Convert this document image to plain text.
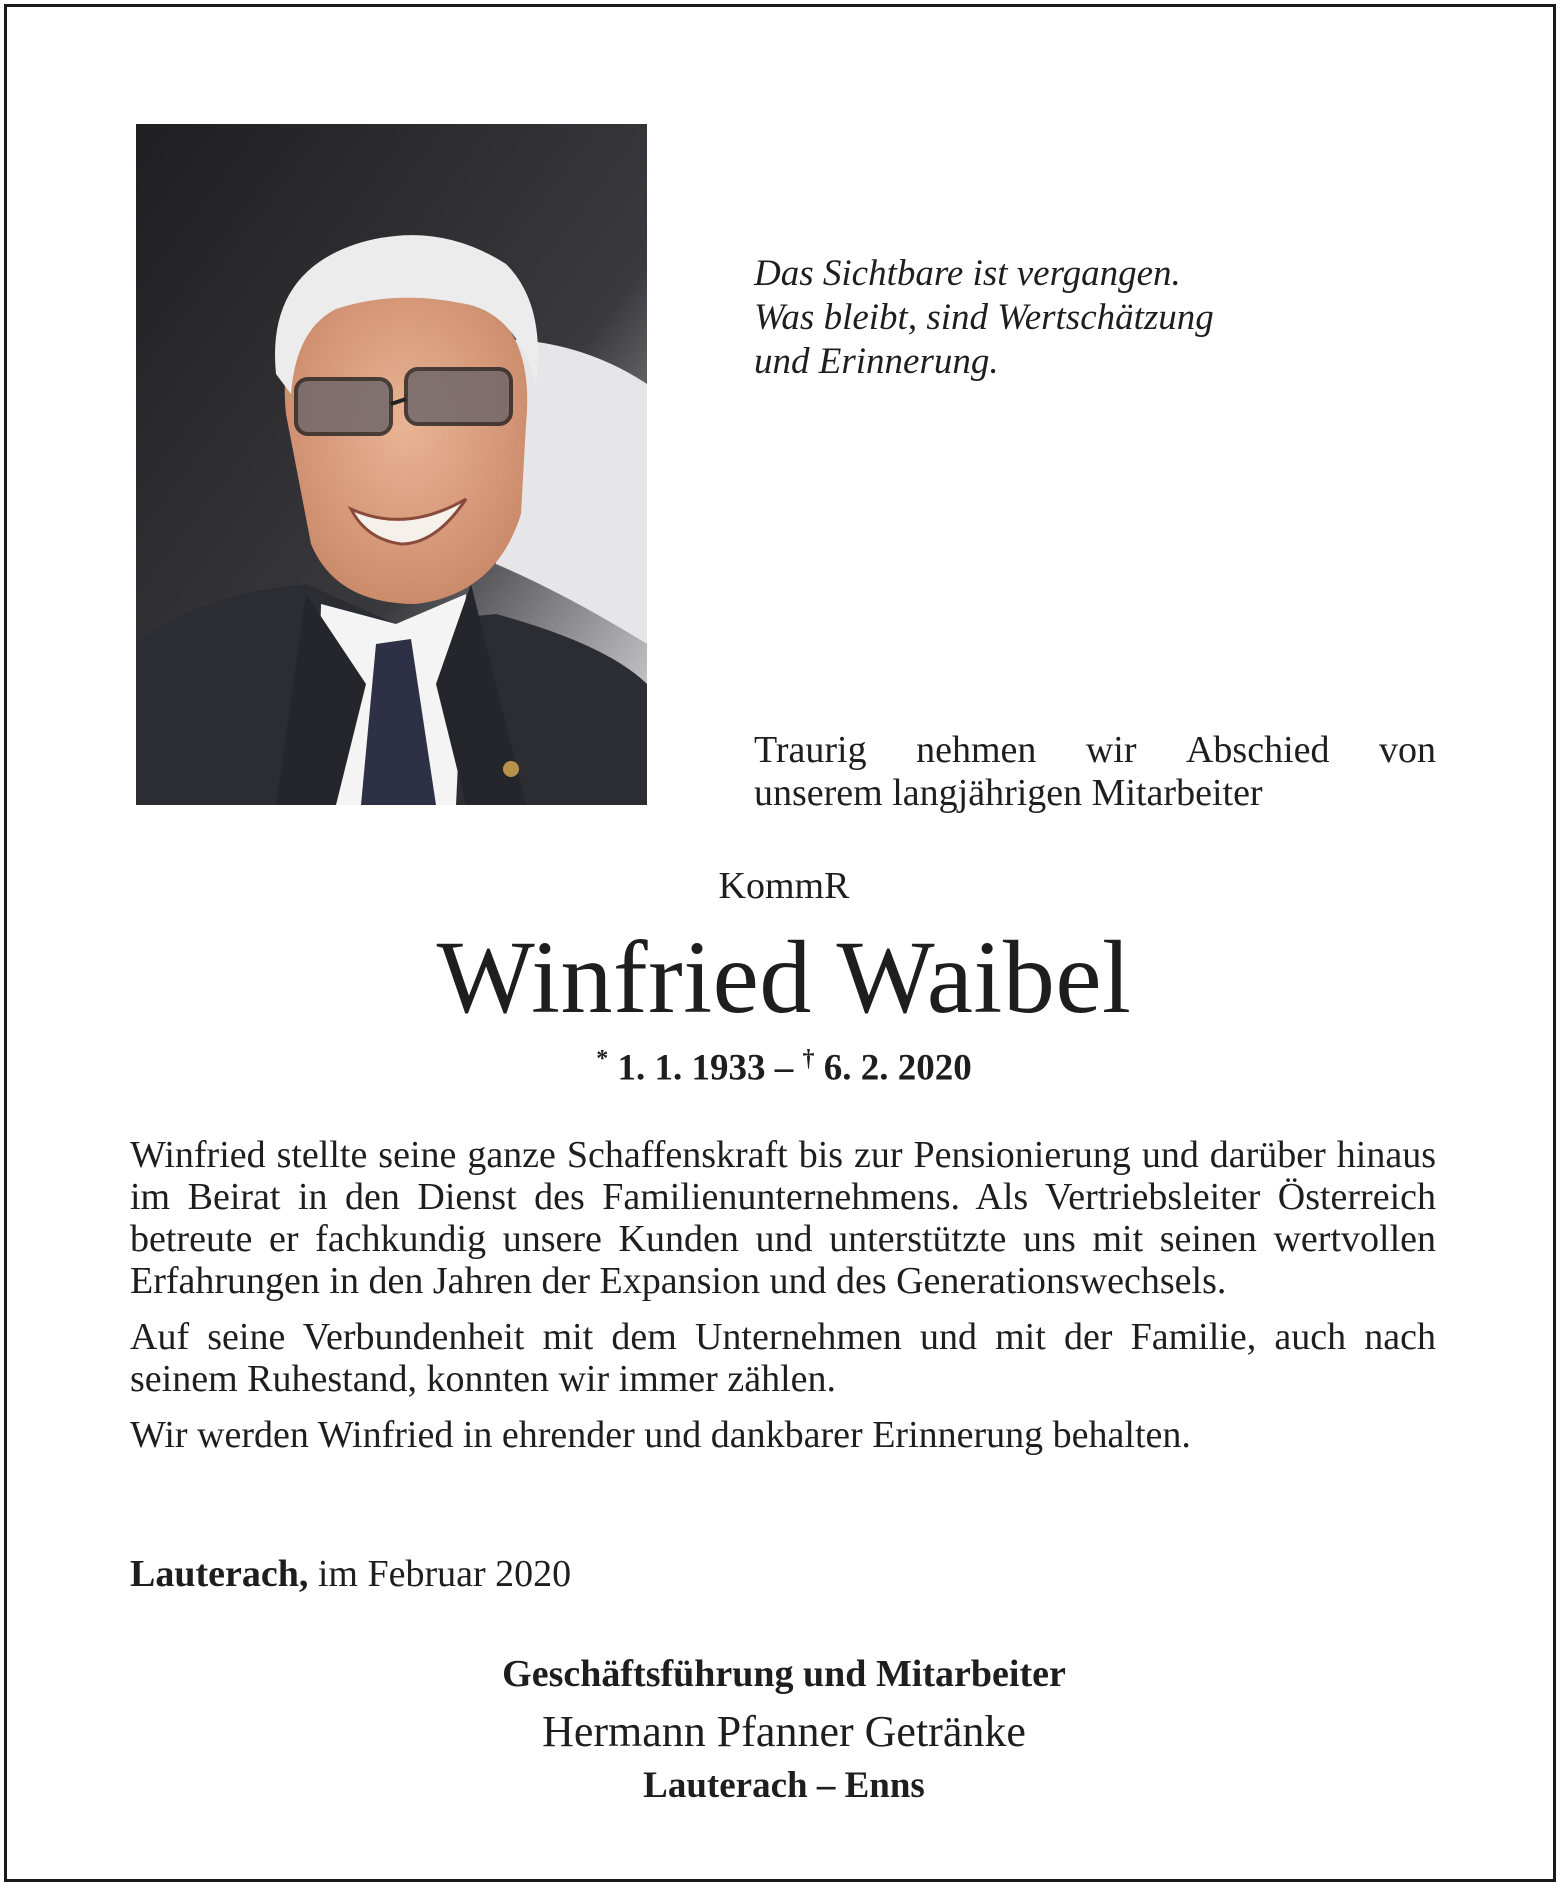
Das Sichtbare ist vergangen.
Was bleibt, sind Wertschätzung
und Erinnerung.
Traurig nehmen wir Abschied von
unserem langjährigen Mitarbeiter
KommR
Winfried Waibel
* 1. 1. 1933 – † 6. 2. 2020

Winfried stellte seine ganze Schaffenskraft bis zur Pensionierung und darüber hinaus im Beirat in den Dienst des Familienunternehmens. Als Vertriebsleiter Österreich betreute er fachkundig unsere Kunden und unterstützte uns mit seinen wertvollen Erfahrungen in den Jahren der Expansion und des Generationswechsels.

Auf seine Verbundenheit mit dem Unternehmen und mit der Familie, auch nach seinem Ruhestand, konnten wir immer zählen.

Wir werden Winfried in ehrender und dankbarer Erinnerung behalten.

Lauterach, im Februar 2020
Geschäftsführung und Mitarbeiter
Hermann Pfanner Getränke
Lauterach – Enns
